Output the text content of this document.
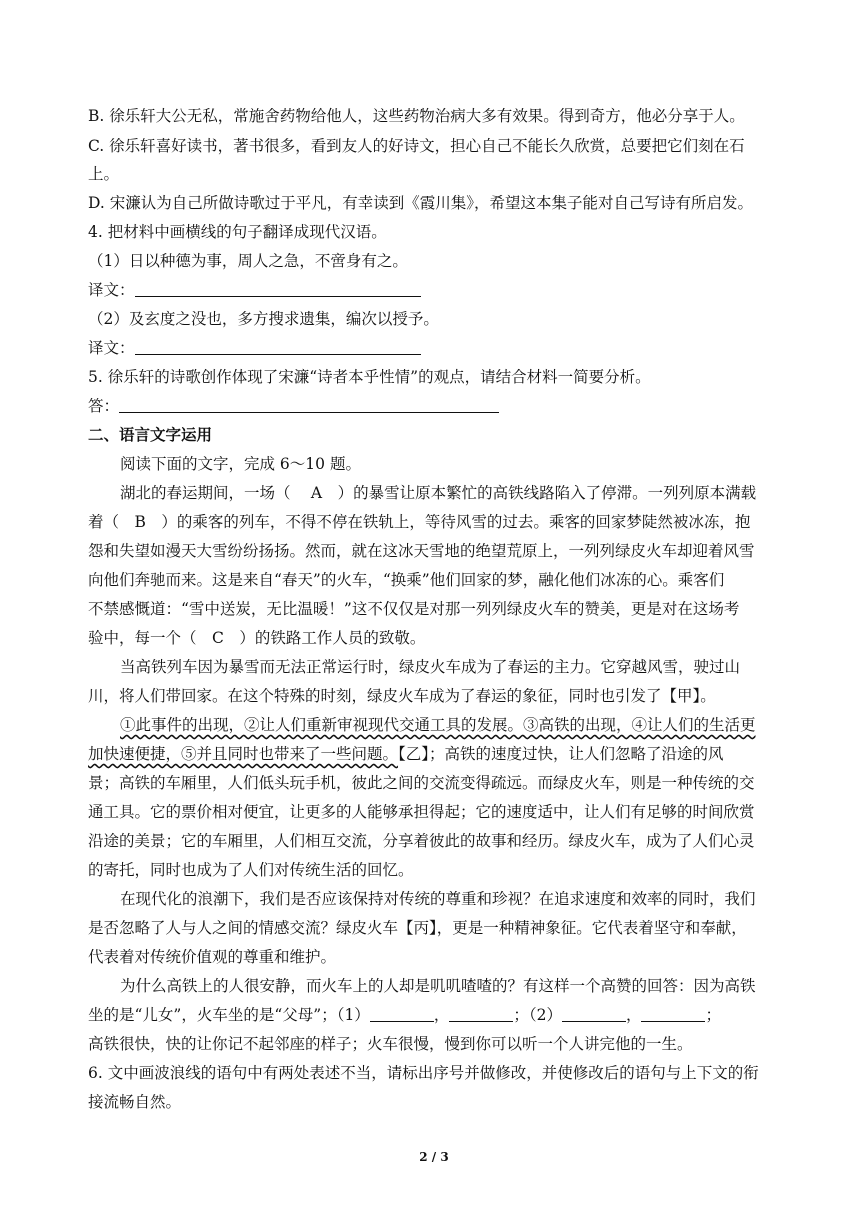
B. 徐乐轩大公无私，常施舍药物给他人，这些药物治病大多有效果。得到奇方，他必分享于人。
C. 徐乐轩喜好读书，著书很多，看到友人的好诗文，担心自己不能长久欣赏，总要把它们刻在石
上。
D. 宋濂认为自己所做诗歌过于平凡，有幸读到《霞川集》，希望这本集子能对自己写诗有所启发。
4. 把材料中画横线的句子翻译成现代汉语。
（1）日以种德为事，周人之急，不啻身有之。
译文：
（2）及玄度之没也，多方搜求遗集，编次以授予。
译文：
5. 徐乐轩的诗歌创作体现了宋濂“诗者本乎性情”的观点，请结合材料一简要分析。
答：
二、语言文字运用
阅读下面的文字，完成 6～10 题。
湖北的春运期间，一场（　 A　）的暴雪让原本繁忙的高铁线路陷入了停滞。一列列原本满载
着（　B　）的乘客的列车，不得不停在铁轨上，等待风雪的过去。乘客的回家梦陡然被冰冻，抱
怨和失望如漫天大雪纷纷扬扬。然而，就在这冰天雪地的绝望荒原上，一列列绿皮火车却迎着风雪
向他们奔驰而来。这是来自“春天”的火车，“换乘”他们回家的梦，融化他们冰冻的心。乘客们
不禁感慨道：“雪中送炭，无比温暖！”这不仅仅是对那一列列绿皮火车的赞美，更是对在这场考
验中，每一个（　C　）的铁路工作人员的致敬。
当高铁列车因为暴雪而无法正常运行时，绿皮火车成为了春运的主力。它穿越风雪，驶过山
川，将人们带回家。在这个特殊的时刻，绿皮火车成为了春运的象征，同时也引发了【甲】。
①此事件的出现，②让人们重新审视现代交通工具的发展。③高铁的出现，④让人们的生活更
加快速便捷，⑤并且同时也带来了一些问题。【乙】；高铁的速度过快，让人们忽略了沿途的风
景；高铁的车厢里，人们低头玩手机，彼此之间的交流变得疏远。而绿皮火车，则是一种传统的交
通工具。它的票价相对便宜，让更多的人能够承担得起；它的速度适中，让人们有足够的时间欣赏
沿途的美景；它的车厢里，人们相互交流，分享着彼此的故事和经历。绿皮火车，成为了人们心灵
的寄托，同时也成为了人们对传统生活的回忆。
在现代化的浪潮下，我们是否应该保持对传统的尊重和珍视？在追求速度和效率的同时，我们
是否忽略了人与人之间的情感交流？绿皮火车【丙】，更是一种精神象征。它代表着坚守和奉献，
代表着对传统价值观的尊重和维护。
为什么高铁上的人很安静，而火车上的人却是叽叽喳喳的？有这样一个高赞的回答：因为高铁
坐的是“儿女”，火车坐的是“父母”；（1）	，	；（2）	，	；
高铁很快，快的让你记不起邻座的样子；火车很慢，慢到你可以听一个人讲完他的一生。
6. 文中画波浪线的语句中有两处表述不当，请标出序号并做修改，并使修改后的语句与上下文的衔
接流畅自然。
2 / 3
